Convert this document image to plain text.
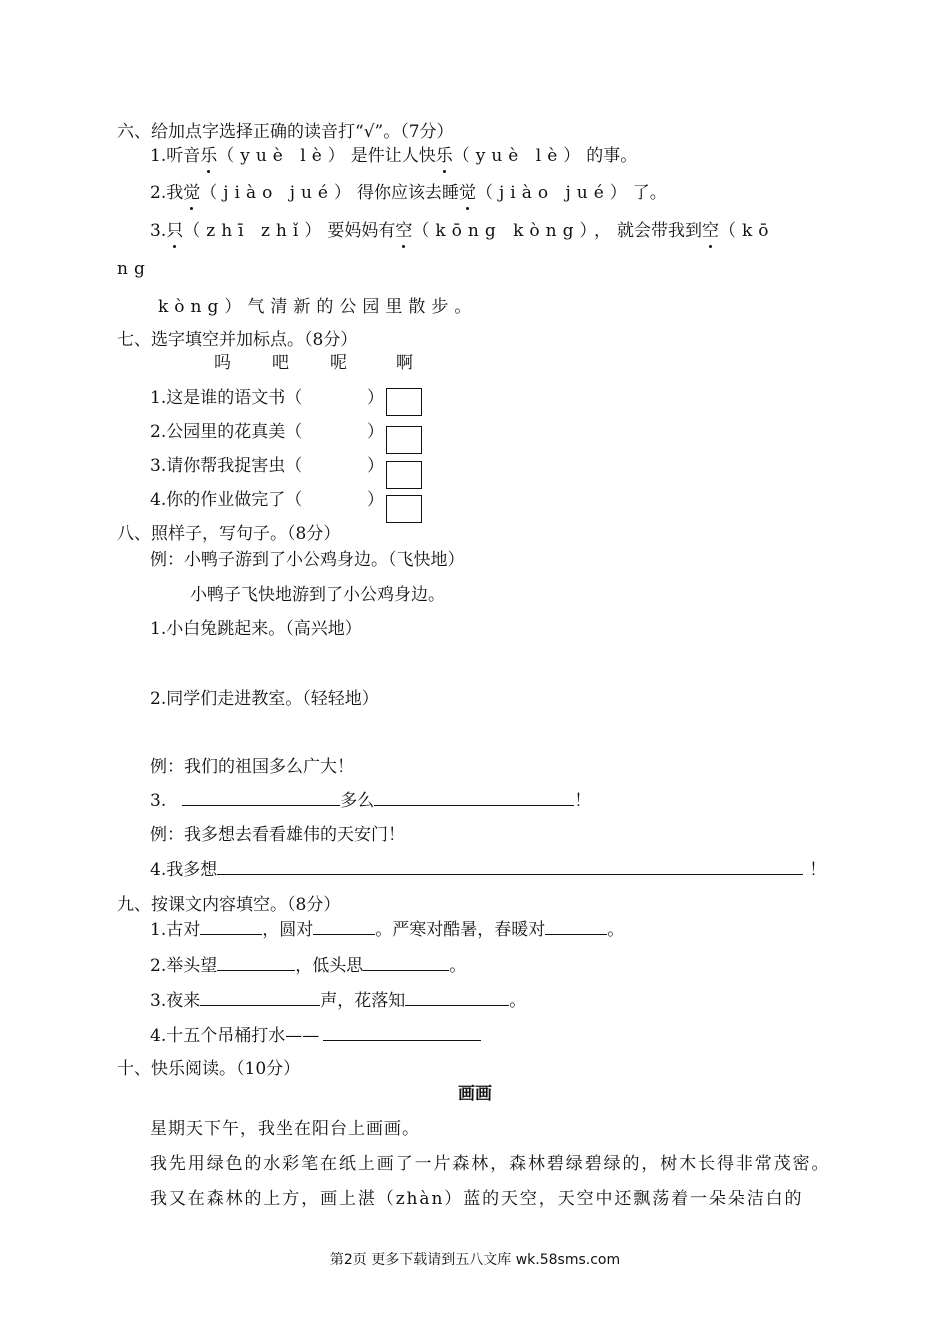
六、给加点字选择正确的读音打“√”。（7分）
1.听音乐（yuè lè）是件让人快乐（yuè lè）的事。
2.我觉（jiào jué）得你应该去睡觉（jiào jué）了。
3.只（zhī zhǐ）要妈妈有空（kōng kòng），就会带我到空（kō
ng
kòng）气清新的公园里散步。
七、选字填空并加标点。（8分）
吗 吧 呢	啊
1.这是谁的语文书（	）
2.公园里的花真美（	）
3.请你帮我捉害虫（	）
4.你的作业做完了（	）
八、照样子，写句子。（8分）
例：小鸭子游到了小公鸡身边。（飞快地）
小鸭子飞快地游到了小公鸡身边。
1.小白兔跳起来。（高兴地）
2.同学们走进教室。（轻轻地）
例：我们的祖国多么广大！
3.	多么	！
例：我多想去看看雄伟的天安门！
4.我多想	！
九、按课文内容填空。（8分）
1.古对	，圆对	。严寒对酷暑，春暖对	。
2.举头望	，低头思	。
3.夜来	声，花落知	。
4.十五个吊桶打水——
十、快乐阅读。（10分）
画画
星期天下午，我坐在阳台上画画。
我先用绿色的水彩笔在纸上画了一片森林，森林碧绿碧绿的，树木长得非常茂密。
我又在森林的上方，画上湛（zhàn）蓝的天空，天空中还飘荡着一朵朵洁白的
第2页 更多下载请到五八文库 wk.58sms.com
